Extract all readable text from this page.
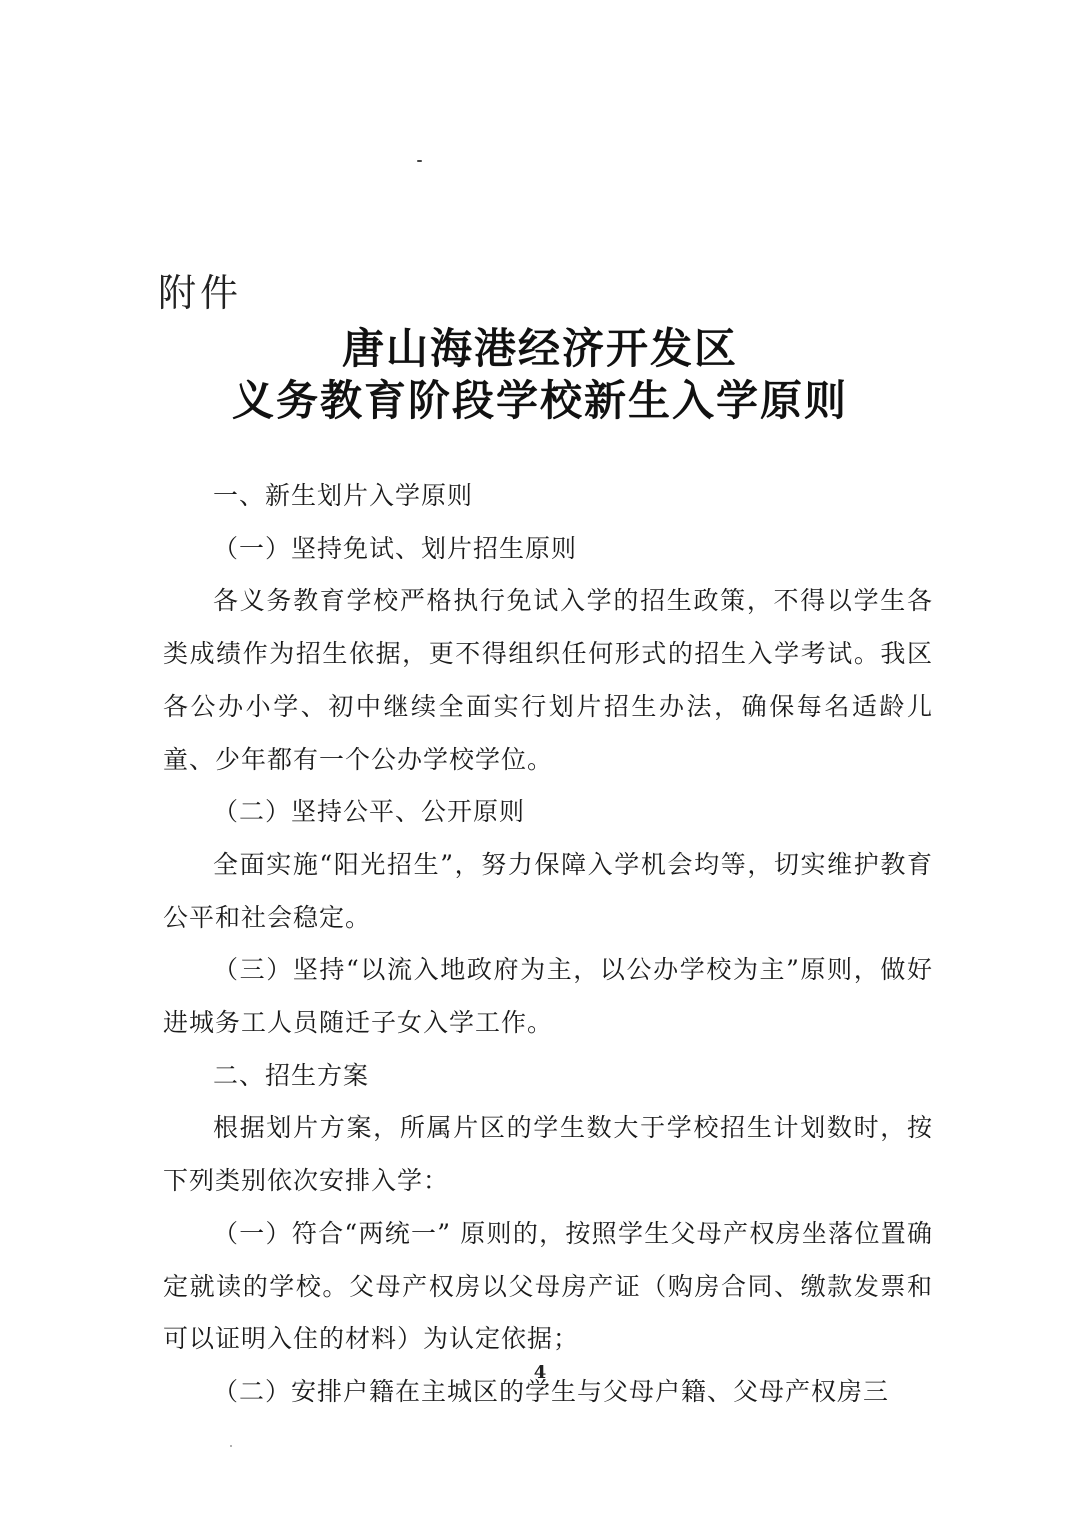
附件
唐山海港经济开发区
义务教育阶段学校新生入学原则

一、新生划片入学原则

（一）坚持免试、划片招生原则

各义务教育学校严格执行免试入学的招生政策，不得以学生各类成绩作为招生依据，更不得组织任何形式的招生入学考试。我区各公办小学、初中继续全面实行划片招生办法，确保每名适龄儿童、少年都有一个公办学校学位。

（二）坚持公平、公开原则

全面实施“阳光招生”，努力保障入学机会均等，切实维护教育公平和社会稳定。

（三）坚持“以流入地政府为主，以公办学校为主”原则，做好进城务工人员随迁子女入学工作。

二、招生方案

根据划片方案，所属片区的学生数大于学校招生计划数时，按下列类别依次安排入学：

（一）符合“两统一” 原则的，按照学生父母产权房坐落位置确定就读的学校。父母产权房以父母房产证（购房合同、缴款发票和可以证明入住的材料）为认定依据；

（二）安排户籍在主城区的学生与父母户籍、父母产权房三

4
